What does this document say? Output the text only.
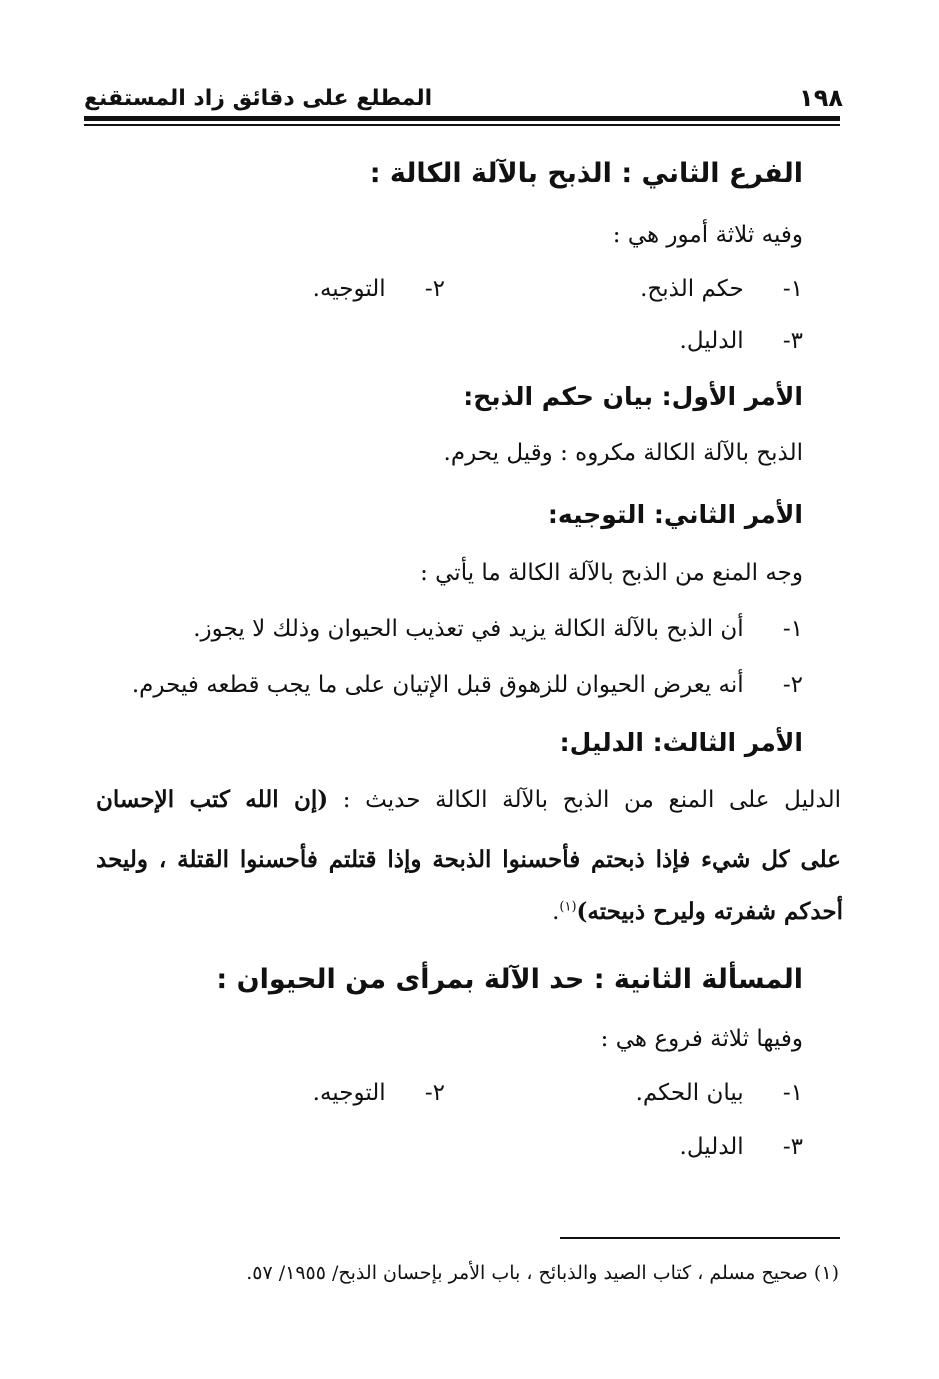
١٩٨
المطلع على دقائق زاد المستقنع
الفرع الثاني : الذبح بالآلة الكالة :
وفيه ثلاثة أمور هي :
١- حكم الذبح.
٢- التوجيه.
٣- الدليل.
الأمر الأول: بيان حكم الذبح:
الذبح بالآلة الكالة مكروه : وقيل يحرم.
الأمر الثاني: التوجيه:
وجه المنع من الذبح بالآلة الكالة ما يأتي :
١- أن الذبح بالآلة الكالة يزيد في تعذيب الحيوان وذلك لا يجوز.
٢- أنه يعرض الحيوان للزهوق قبل الإتيان على ما يجب قطعه فيحرم.
الأمر الثالث: الدليل:
الدليل على المنع من الذبح بالآلة الكالة حديث : (إن الله كتب الإحسان
على كل شيء فإذا ذبحتم فأحسنوا الذبحة وإذا قتلتم فأحسنوا القتلة ، وليحد
أحدكم شفرته وليرح ذبيحته)$^{(١)}$.
المسألة الثانية : حد الآلة بمرأى من الحيوان :
وفيها ثلاثة فروع هي :
١- بيان الحكم.
٢- التوجيه.
٣- الدليل.
(١) صحيح مسلم ، كتاب الصيد والذبائح ، باب الأمر بإحسان الذبح/ ١٩٥٥/ ٥٧.
